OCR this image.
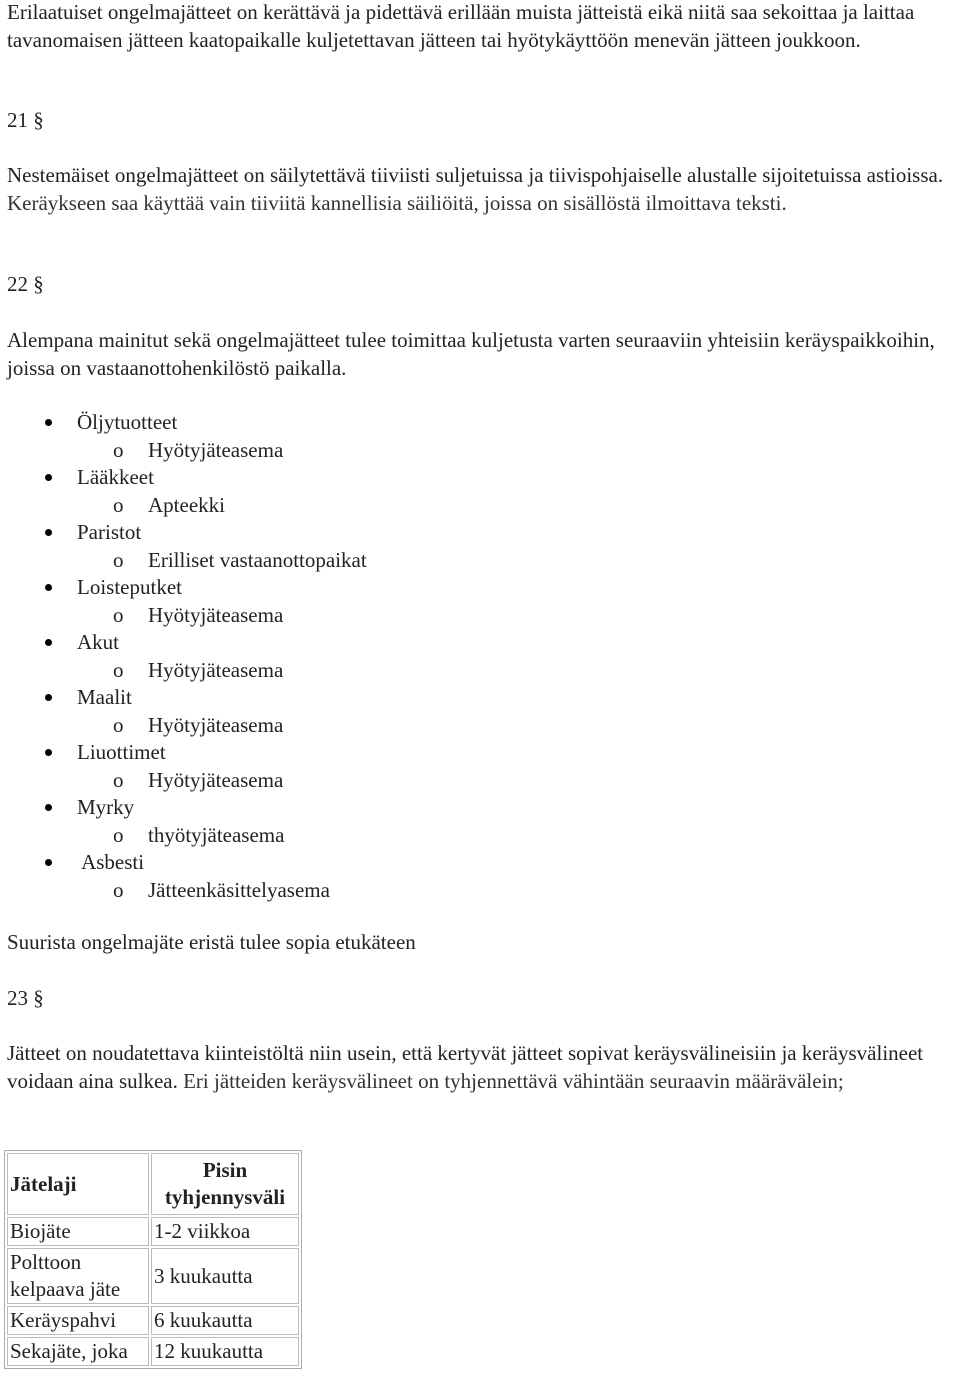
Erilaatuiset ongelmajätteet on kerättävä ja pidettävä erillään muista jätteistä eikä niitä saa sekoittaa ja laittaa tavanomaisen jätteen kaatopaikalle kuljetettavan jätteen tai hyötykäyttöön menevän jätteen joukkoon.

21 §

Nestemäiset ongelmajätteet on säilytettävä tiiviisti suljetuissa ja tiivispohjaiselle alustalle sijoitetuissa astioissa. Keräykseen saa käyttää vain tiiviitä kannellisia säiliöitä, joissa on sisällöstä ilmoittava teksti.

22 §

Alempana mainitut sekä ongelmajätteet tulee toimittaa kuljetusta varten seuraaviin yhteisiin keräyspaikkoihin, joissa on vastaanottohenkilöstö paikalla.

Öljytuotteet
o Hyötyjäteasema
Lääkkeet
o Apteekki
Paristot
o Erilliset vastaanottopaikat
Loisteputket
o Hyötyjäteasema
Akut
o Hyötyjäteasema
Maalit
o Hyötyjäteasema
Liuottimet
o Hyötyjäteasema
Myrky
o thyötyjäteasema
Asbesti
o Jätteenkäsittelyasema

Suurista ongelmajäte eristä tulee sopia etukäteen

23 §

Jätteet on noudatettava kiinteistöltä niin usein, että kertyvät jätteet sopivat keräysvälineisiin ja keräysvälineet voidaan aina sulkea. Eri jätteiden keräysvälineet on tyhjennettävä vähintään seuraavin määrävälein;

Jätelaji	Pisin tyhjennysväli
Biojäte	1-2 viikkoa
Polttoon kelpaava jäte	3 kuukautta
Keräyspahvi	6 kuukautta
Sekajäte, joka	12 kuukautta
